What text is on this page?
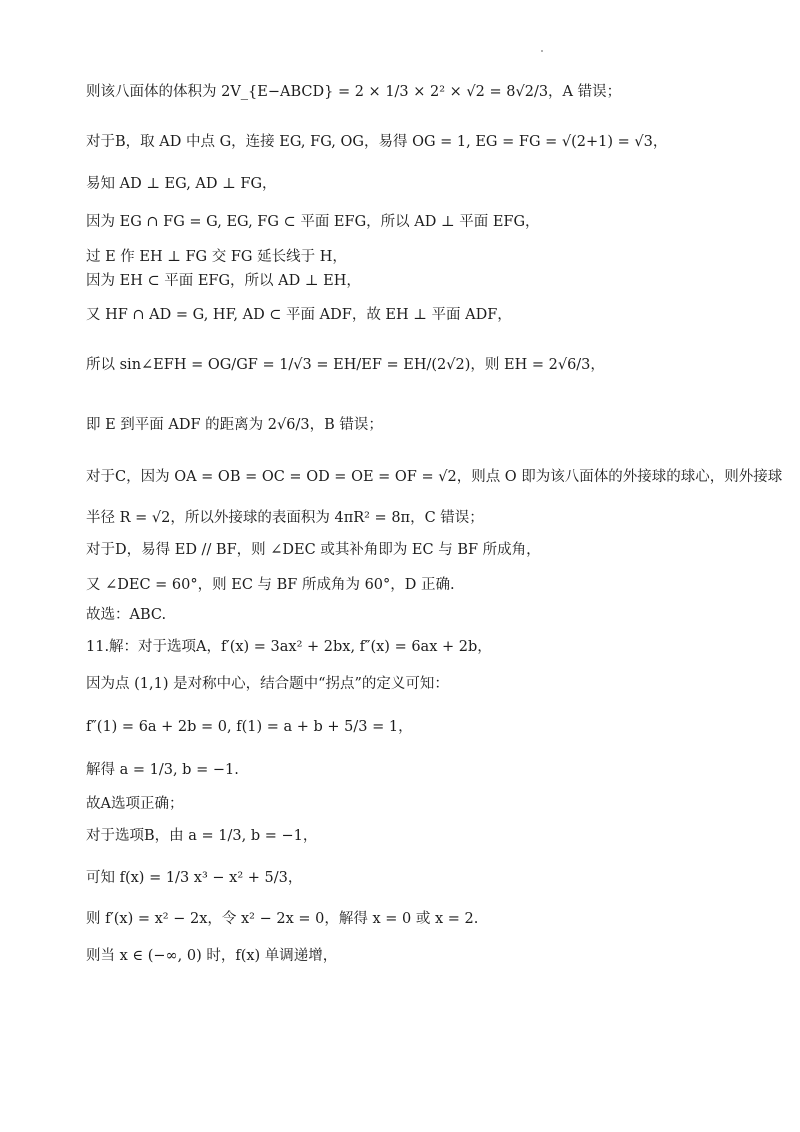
则该八面体的体积为 2V_{E−ABCD} = 2 × 1/3 × 2² × √2 = 8√2/3，A 错误；
对于B，取 AD 中点 G，连接 EG, FG, OG，易得 OG = 1, EG = FG = √(2+1) = √3，
易知 AD ⊥ EG, AD ⊥ FG，
因为 EG ∩ FG = G, EG, FG ⊂ 平面 EFG，所以 AD ⊥ 平面 EFG，
过 E 作 EH ⊥ FG 交 FG 延长线于 H，
因为 EH ⊂ 平面 EFG，所以 AD ⊥ EH，
又 HF ∩ AD = G, HF, AD ⊂ 平面 ADF，故 EH ⊥ 平面 ADF，
所以 sin∠EFH = OG/GF = 1/√3 = EH/EF = EH/(2√2)，则 EH = 2√6/3，
即 E 到平面 ADF 的距离为 2√6/3，B 错误；
对于C，因为 OA = OB = OC = OD = OE = OF = √2，则点 O 即为该八面体的外接球的球心，则外接球
半径 R = √2，所以外接球的表面积为 4πR² = 8π，C 错误；
对于D，易得 ED // BF，则 ∠DEC 或其补角即为 EC 与 BF 所成角，
又 ∠DEC = 60°，则 EC 与 BF 所成角为 60°，D 正确.
故选：ABC.
11.解：对于选项A，f′(x) = 3ax² + 2bx, f″(x) = 6ax + 2b，
因为点 (1,1) 是对称中心，结合题中“拐点”的定义可知：
f″(1) = 6a + 2b = 0, f(1) = a + b + 5/3 = 1，
解得 a = 1/3, b = −1.
故A选项正确；
对于选项B，由 a = 1/3, b = −1，
可知 f(x) = 1/3 x³ − x² + 5/3，
则 f′(x) = x² − 2x，令 x² − 2x = 0，解得 x = 0 或 x = 2.
则当 x ∈ (−∞, 0) 时，f(x) 单调递增，
